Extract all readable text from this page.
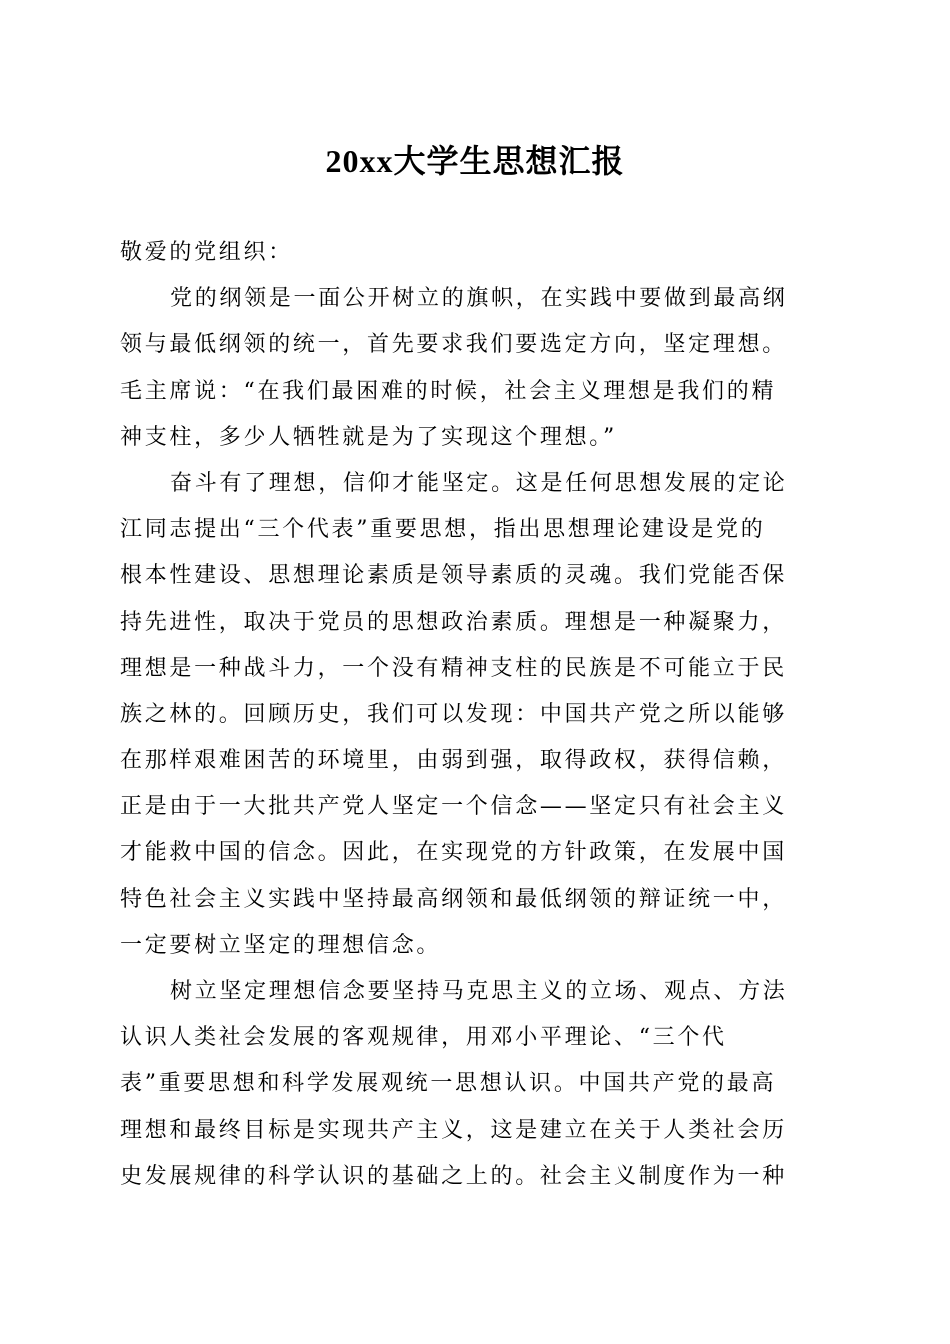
20xx大学生思想汇报
敬爱的党组织：
党的纲领是一面公开树立的旗帜，在实践中要做到最高纲
领与最低纲领的统一，首先要求我们要选定方向，坚定理想。
毛主席说：“在我们最困难的时候，社会主义理想是我们的精
神支柱，多少人牺牲就是为了实现这个理想。”
奋斗有了理想，信仰才能坚定。这是任何思想发展的定论
江同志提出“三个代表”重要思想，指出思想理论建设是党的
根本性建设、思想理论素质是领导素质的灵魂。我们党能否保
持先进性，取决于党员的思想政治素质。理想是一种凝聚力，
理想是一种战斗力，一个没有精神支柱的民族是不可能立于民
族之林的。回顾历史，我们可以发现：中国共产党之所以能够
在那样艰难困苦的环境里，由弱到强，取得政权，获得信赖，
正是由于一大批共产党人坚定一个信念——坚定只有社会主义
才能救中国的信念。因此，在实现党的方针政策，在发展中国
特色社会主义实践中坚持最高纲领和最低纲领的辩证统一中，
一定要树立坚定的理想信念。
树立坚定理想信念要坚持马克思主义的立场、观点、方法
认识人类社会发展的客观规律，用邓小平理论、“三个代
表”重要思想和科学发展观统一思想认识。中国共产党的最高
理想和最终目标是实现共产主义，这是建立在关于人类社会历
史发展规律的科学认识的基础之上的。社会主义制度作为一种
